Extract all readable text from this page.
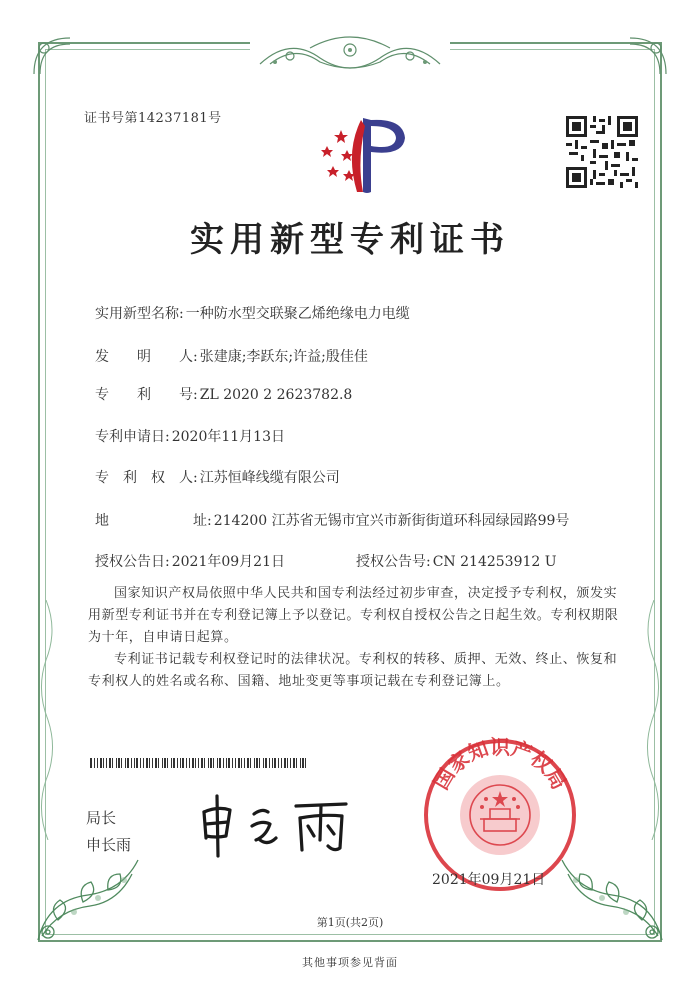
证书号第14237181号
实用新型专利证书
实用新型名称: 一种防水型交联聚乙烯绝缘电力电缆
发　　明　　人: 张建康;李跃东;许益;殷佳佳
专　　利　　号: ZL 2020 2 2623782.8
专利申请日: 2020年11月13日
专　利　权　人: 江苏恒峰线缆有限公司
地　　　　　　址: 214200 江苏省无锡市宜兴市新街街道环科园绿园路99号
授权公告日: 2021年09月21日	授权公告号: CN 214253912 U
国家知识产权局依照中华人民共和国专利法经过初步审查，决定授予专利权，颁发实用新型专利证书并在专利登记簿上予以登记。专利权自授权公告之日起生效。专利权期限为十年，自申请日起算。
专利证书记载专利权登记时的法律状况。专利权的转移、质押、无效、终止、恢复和专利权人的姓名或名称、国籍、地址变更等事项记载在专利登记簿上。
局长
申长雨
国家知识产权局
2021年09月21日
第1页(共2页)
其他事项参见背面
